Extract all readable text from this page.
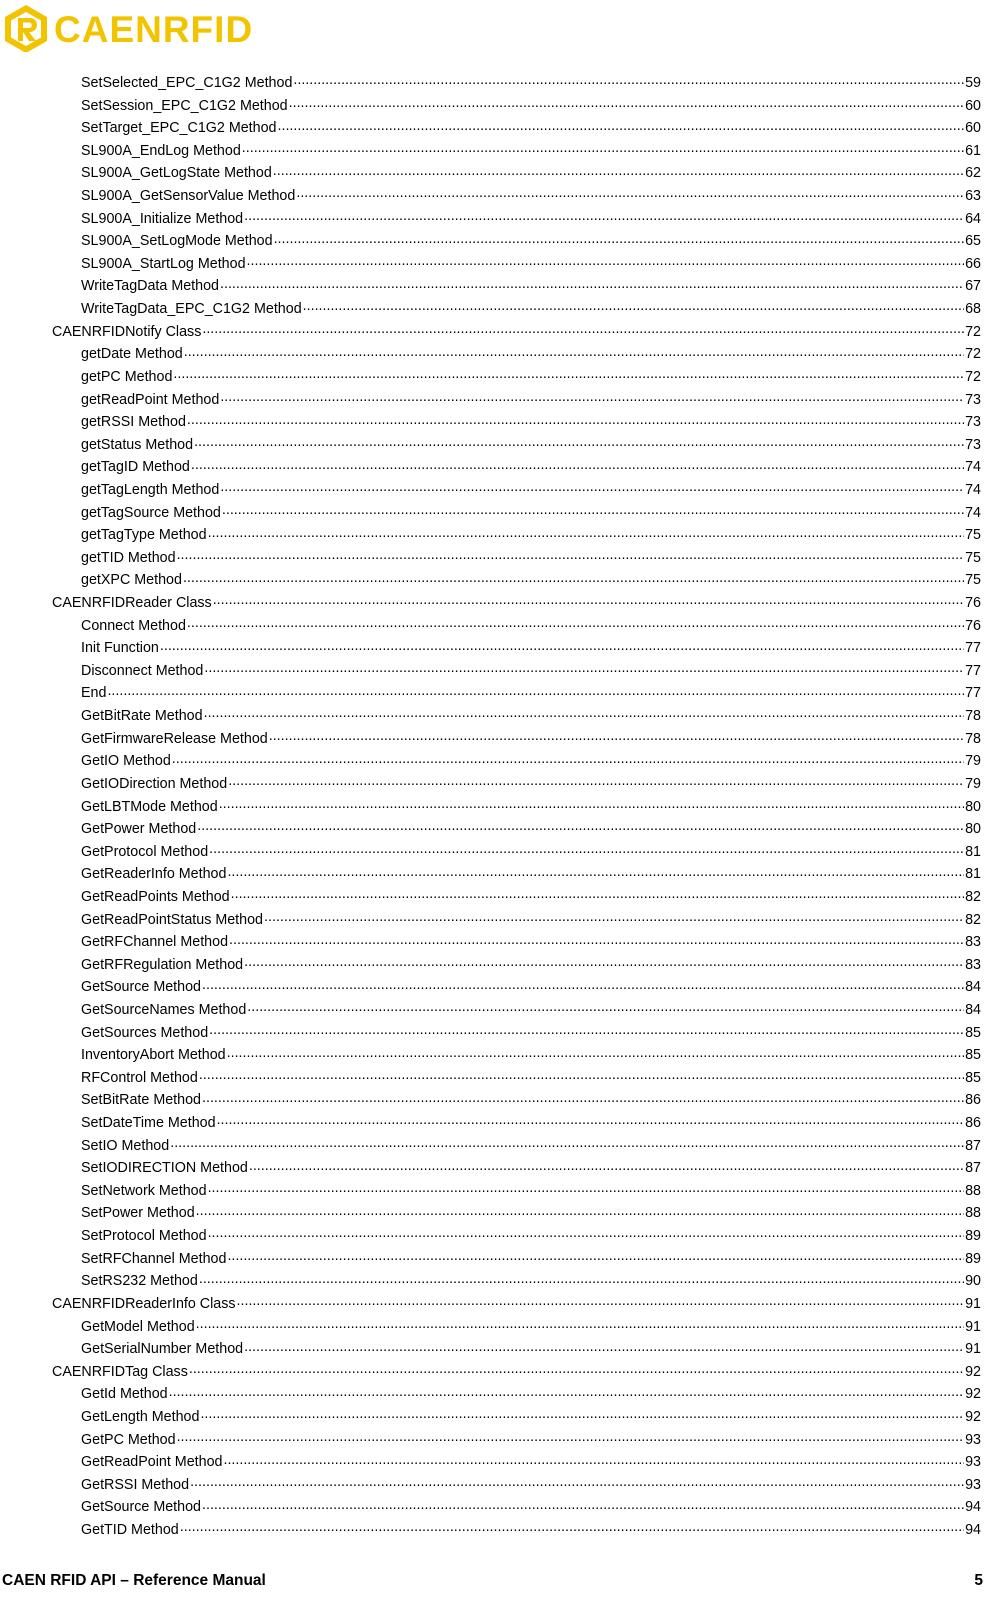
CAENRFID
SetSelected_EPC_C1G2 Method .....	59
SetSession_EPC_C1G2 Method .....	60
SetTarget_EPC_C1G2 Method .....	60
SL900A_EndLog Method .....	61
SL900A_GetLogState Method .....	62
SL900A_GetSensorValue Method .....	63
SL900A_Initialize Method .....	64
SL900A_SetLogMode Method .....	65
SL900A_StartLog Method .....	66
WriteTagData Method .....	67
WriteTagData_EPC_C1G2 Method .....	68
CAENRFIDNotify Class .....	72
getDate Method .....	72
getPC Method .....	72
getReadPoint Method .....	73
getRSSI Method .....	73
getStatus Method .....	73
getTagID Method .....	74
getTagLength Method .....	74
getTagSource Method .....	74
getTagType Method .....	75
getTID Method .....	75
getXPC Method .....	75
CAENRFIDReader Class .....	76
Connect Method .....	76
Init Function .....	77
Disconnect Method .....	77
End .....	77
GetBitRate Method .....	78
GetFirmwareRelease Method .....	78
GetIO Method .....	79
GetIODirection Method .....	79
GetLBTMode Method .....	80
GetPower Method .....	80
GetProtocol Method .....	81
GetReaderInfo Method .....	81
GetReadPoints Method .....	82
GetReadPointStatus Method .....	82
GetRFChannel Method .....	83
GetRFRegulation Method .....	83
GetSource Method .....	84
GetSourceNames Method .....	84
GetSources Method .....	85
InventoryAbort Method .....	85
RFControl Method .....	85
SetBitRate Method .....	86
SetDateTime Method .....	86
SetIO Method .....	87
SetIODIRECTION Method .....	87
SetNetwork Method .....	88
SetPower Method .....	88
SetProtocol Method .....	89
SetRFChannel Method .....	89
SetRS232 Method .....	90
CAENRFIDReaderInfo Class .....	91
GetModel Method .....	91
GetSerialNumber Method .....	91
CAENRFIDTag Class .....	92
GetId Method .....	92
GetLength Method .....	92
GetPC Method .....	93
GetReadPoint Method .....	93
GetRSSI Method .....	93
GetSource Method .....	94
GetTID Method .....	94
CAEN RFID API – Reference Manual	5
